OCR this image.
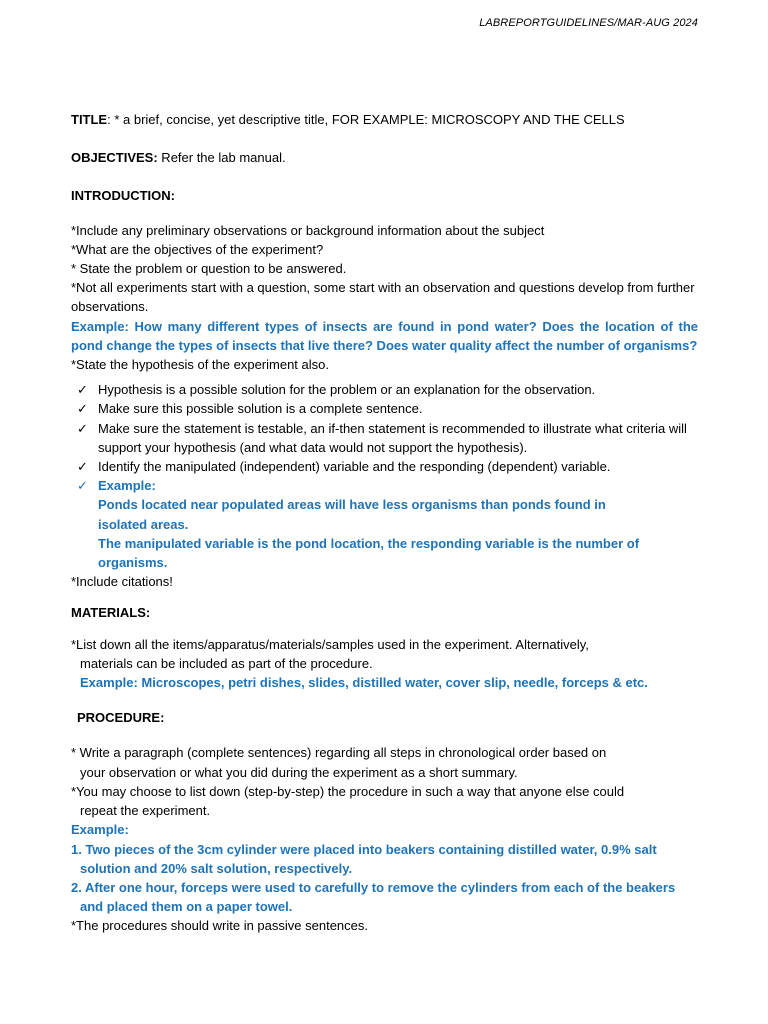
LABREPORTGUIDELINES/MAR-AUG 2024

TITLE: * a brief, concise, yet descriptive title, FOR EXAMPLE: MICROSCOPY AND THE CELLS

OBJECTIVES: Refer the lab manual.

INTRODUCTION:

*Include any preliminary observations or background information about the subject

*What are the objectives of the experiment?

* State the problem or question to be answered.

*Not all experiments start with a question, some start with an observation and questions develop from further observations.

Example: How many different types of insects are found in pond water? Does the location of the pond change the types of insects that live there? Does water quality affect the number of organisms?

*State the hypothesis of the experiment also.

✓ Hypothesis is a possible solution for the problem or an explanation for the observation.
✓ Make sure this possible solution is a complete sentence.
✓ Make sure the statement is testable, an if-then statement is recommended to illustrate what criteria will support your hypothesis (and what data would not support the hypothesis).
✓ Identify the manipulated (independent) variable and the responding (dependent) variable.
✓ Example:
Ponds located near populated areas will have less organisms than ponds found in isolated areas.
The manipulated variable is the pond location, the responding variable is the number of organisms.

*Include citations!

MATERIALS:

*List down all the items/apparatus/materials/samples used in the experiment. Alternatively,

materials can be included as part of the procedure.

Example: Microscopes, petri dishes, slides, distilled water, cover slip, needle, forceps & etc.

PROCEDURE:

* Write a paragraph (complete sentences) regarding all steps in chronological order based on

your observation or what you did during the experiment as a short summary.

*You may choose to list down (step-by-step) the procedure in such a way that anyone else could

repeat the experiment.

Example:

1. Two pieces of the 3cm cylinder were placed into beakers containing distilled water, 0.9% salt

solution and 20% salt solution, respectively.

2. After one hour, forceps were used to carefully to remove the cylinders from each of the beakers

and placed them on a paper towel.

*The procedures should write in passive sentences.
